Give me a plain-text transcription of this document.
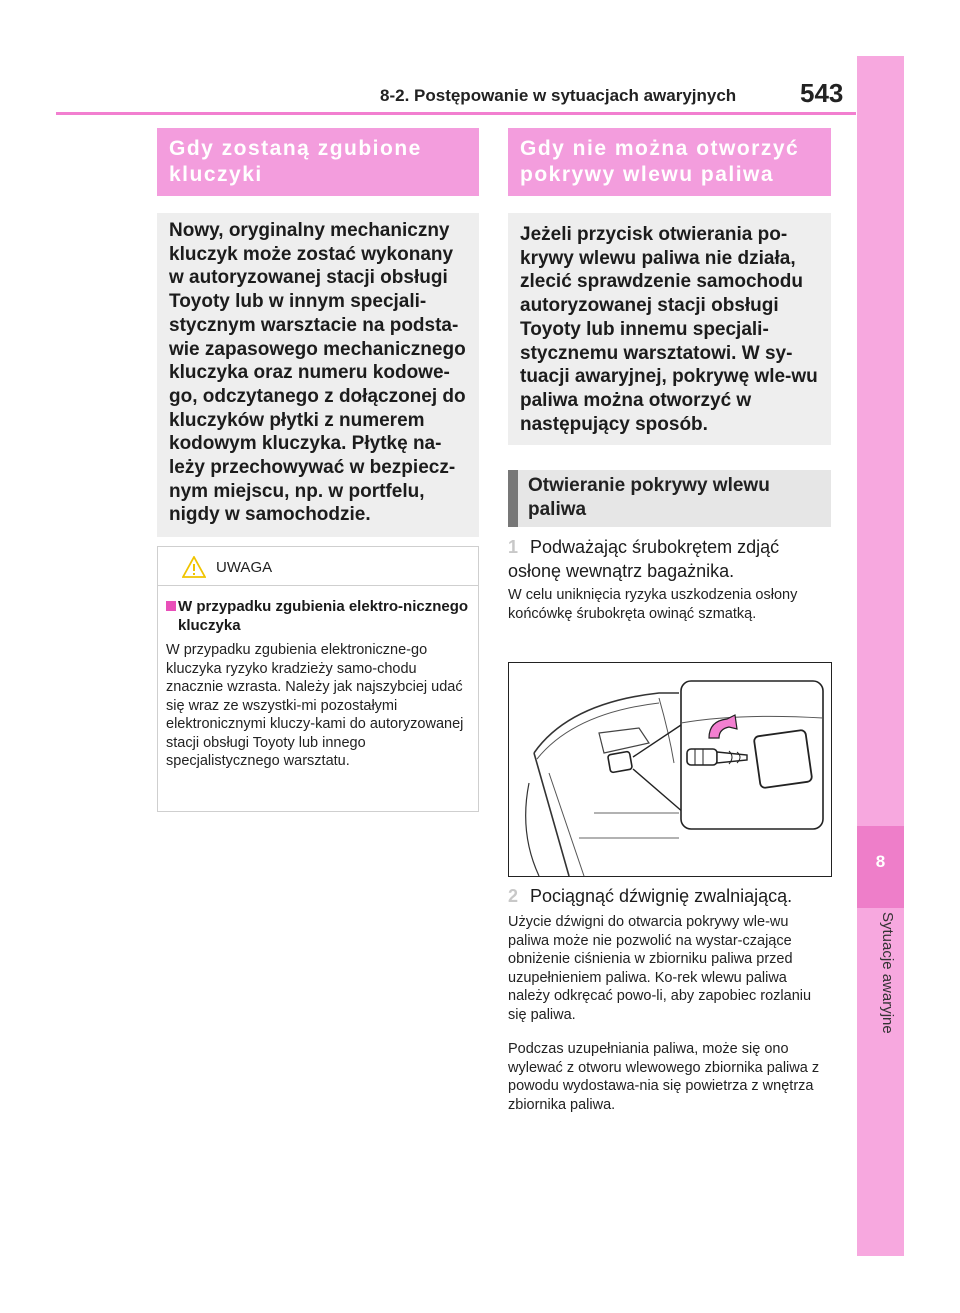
8-2. Postępowanie w sytuacjach awaryjnych 543
8
Sytuacje awaryjne
Gdy zostaną zgubione kluczyki
Nowy, oryginalny mechaniczny kluczyk może zostać wykonany w autoryzowanej stacji obsługi Toyoty lub w innym specjali-stycznym warsztacie na podsta-wie zapasowego mechanicznego kluczyka oraz numeru kodowe-go, odczytanego z dołączonej do kluczyków płytki z numerem kodowym kluczyka. Płytkę na-leży przechowywać w bezpiecz-nym miejscu, np. w portfelu, nigdy w samochodzie.
UWAGA
W przypadku zgubienia elektro-nicznego kluczyka
W przypadku zgubienia elektroniczne-go kluczyka ryzyko kradzieży samo-chodu znacznie wzrasta. Należy jak najszybciej udać się wraz ze wszystki-mi pozostałymi elektronicznymi kluczy-kami do autoryzowanej stacji obsługi Toyoty lub innego specjalistycznego warsztatu.
Gdy nie można otworzyć pokrywy wlewu paliwa
Jeżeli przycisk otwierania po-krywy wlewu paliwa nie działa, zlecić sprawdzenie samochodu autoryzowanej stacji obsługi Toyoty lub innemu specjali-stycznemu warsztatowi. W sy-tuacji awaryjnej, pokrywę wle-wu paliwa można otworzyć w następujący sposób.
Otwieranie pokrywy wlewu paliwa
1 Podważając śrubokrętem zdjąć osłonę wewnątrz bagażnika.
W celu uniknięcia ryzyka uszkodzenia osłony końcówkę śrubokręta owinąć szmatką.
2 Pociągnąć dźwignię zwalniającą.
Użycie dźwigni do otwarcia pokrywy wle-wu paliwa może nie pozwolić na wystar-czające obniżenie ciśnienia w zbiorniku paliwa przed uzupełnieniem paliwa. Ko-rek wlewu paliwa należy odkręcać powo-li, aby zapobiec rozlaniu się paliwa.
Podczas uzupełniania paliwa, może się ono wylewać z otworu wlewowego zbiornika paliwa z powodu wydostawa-nia się powietrza z wnętrza zbiornika paliwa.
